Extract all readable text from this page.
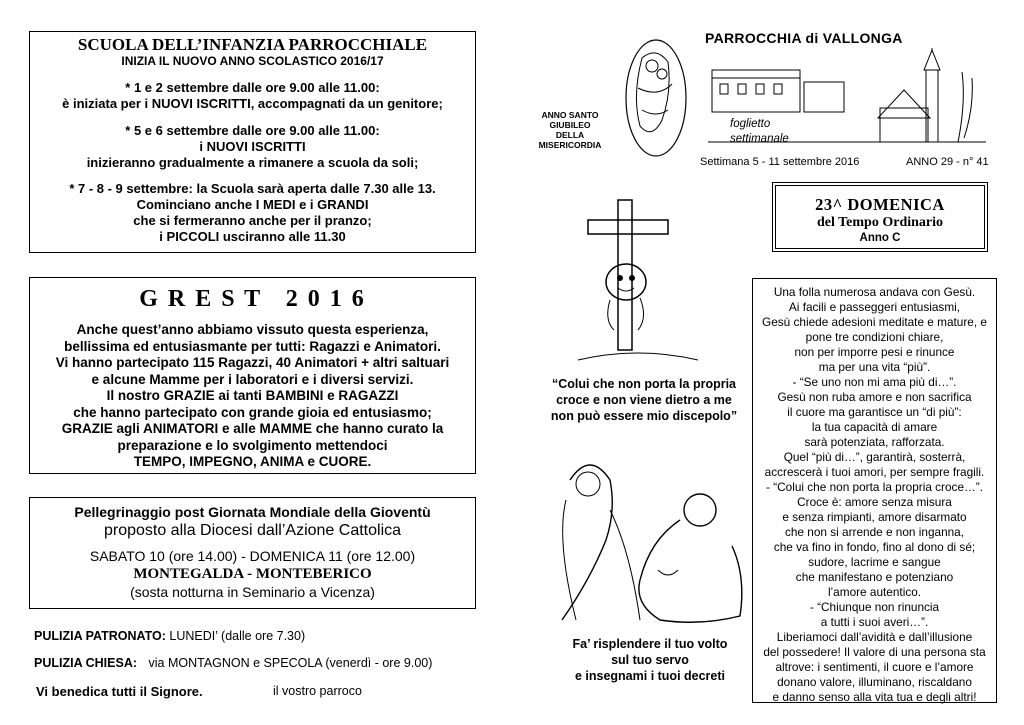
SCUOLA DELL’INFANZIA PARROCCHIALE
INIZIA IL NUOVO ANNO SCOLASTICO 2016/17
* 1 e 2 settembre dalle ore 9.00 alle 11.00:
è iniziata per i NUOVI ISCRITTI, accompagnati da un genitore;
* 5 e 6 settembre dalle ore 9.00 alle 11.00:
i NUOVI ISCRITTI
inizieranno gradualmente a rimanere a scuola da soli;
* 7 - 8 - 9 settembre: la Scuola sarà aperta dalle 7.30 alle 13.
Cominciano anche I MEDI e i GRANDI
che si fermeranno anche per il pranzo;
i PICCOLI usciranno alle 11.30
G R E S T   2 0 1 6
Anche quest’anno abbiamo vissuto questa esperienza,
bellissima ed entusiasmante per tutti: Ragazzi e Animatori.
Vi hanno partecipato 115 Ragazzi, 40 Animatori + altri saltuari
e alcune Mamme per i laboratori e i diversi servizi.
Il nostro GRAZIE ai tanti BAMBINI e RAGAZZI
che hanno partecipato con grande gioia ed entusiasmo;
GRAZIE agli ANIMATORI e alle MAMME che hanno curato la
preparazione e lo svolgimento mettendoci
TEMPO, IMPEGNO, ANIMA e CUORE.
Pellegrinaggio post Giornata Mondiale della Gioventù
proposto alla Diocesi dall’Azione Cattolica
SABATO 10 (ore 14.00) - DOMENICA 11 (ore 12.00)
MONTEGALDA - MONTEBERICO
(sosta notturna in Seminario a Vicenza)
PULIZIA PATRONATO: LUNEDI’ (dalle ore 7.30)
PULIZIA CHIESA: via MONTAGNON e SPECOLA (venerdì - ore 9.00)
Vi benedica tutti il Signore.	il vostro parroco
ANNO SANTO
GIUBILEO
DELLA
MISERICORDIA
PARROCCHIA di VALLONGA
foglietto
settimanale
Settimana 5 - 11 settembre 2016	ANNO 29 - n° 41
23^ DOMENICA
del Tempo Ordinario
Anno C
“Colui che non porta la propria
croce e non viene dietro a me
non può essere mio discepolo”
Fa’ risplendere il tuo volto
sul tuo servo
e insegnami i tuoi decreti
Una folla numerosa andava con Gesù.
Ai facili e passeggeri entusiasmi,
Gesù chiede adesioni meditate e mature, e
pone tre condizioni chiare,
non per imporre pesi e rinunce
ma per una vita “più”.
- “Se uno non mi ama più di…”.
Gesù non ruba amore e non sacrifica
il cuore ma garantisce un “di più”:
la tua capacità di amare
sarà potenziata, rafforzata.
Quel “più di…”, garantirà, sosterrà,
accrescerà i tuoi amori, per sempre fragili.
- “Colui che non porta la propria croce…”.
Croce è: amore senza misura
e senza rimpianti, amore disarmato
che non si arrende e non inganna,
che va fino in fondo, fino al dono di sé;
sudore, lacrime e sangue
che manifestano e potenziano
l’amore autentico.
- “Chiunque non rinuncia
a tutti i suoi averi…”.
Liberiamoci dall’avidità e dall’illusione
del possedere! Il valore di una persona sta
altrove: i sentimenti, il cuore e l’amore
donano valore, illuminano, riscaldano
e danno senso alla vita tua e degli altri!
